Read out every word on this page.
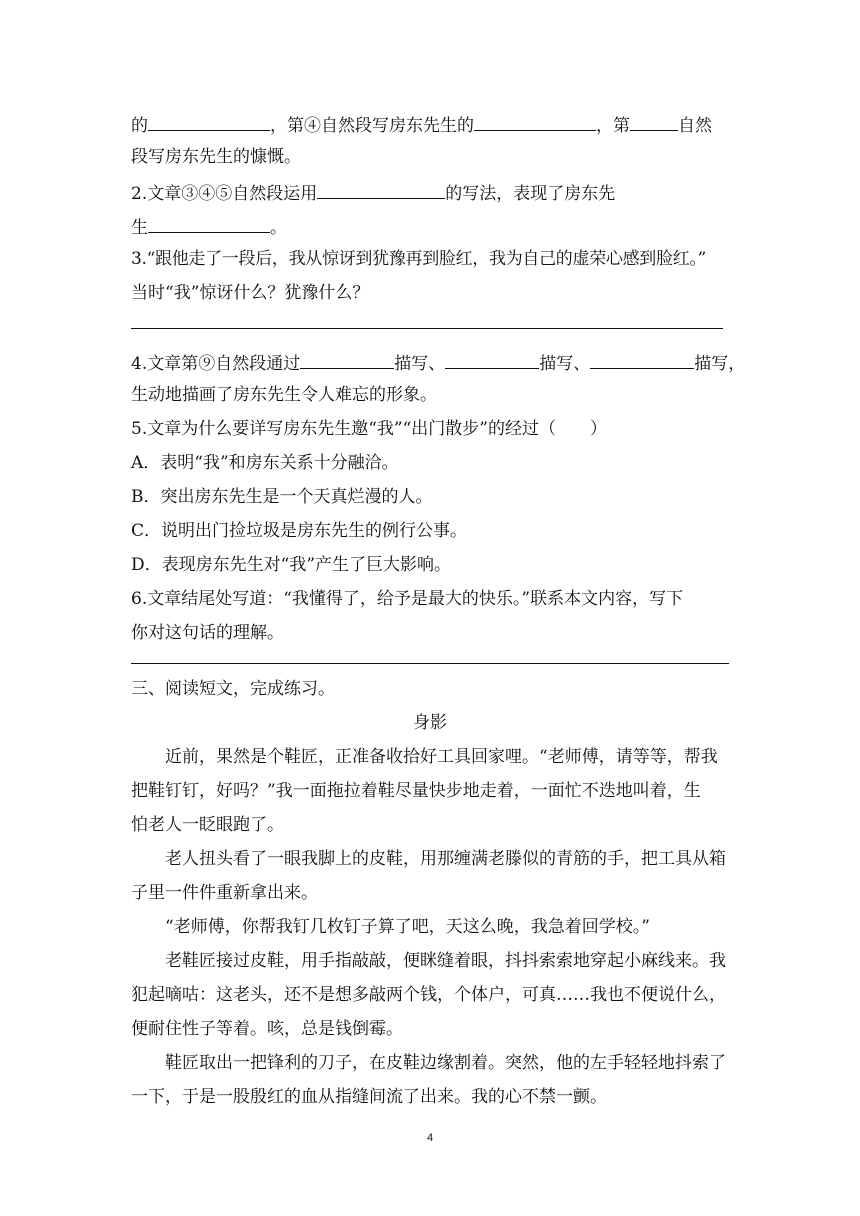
的	，第④自然段写房东先生的	，第	自然
段写房东先生的慷慨。
2.文章③④⑤自然段运用	的写法，表现了房东先
生	。
3.“跟他走了一段后，我从惊讶到犹豫再到脸红，我为自己的虚荣心感到脸红。”
当时“我”惊讶什么？犹豫什么？
4.文章第⑨自然段通过	描写、	描写、	描写，
生动地描画了房东先生令人难忘的形象。
5.文章为什么要详写房东先生邀“我”“出门散步”的经过（　　）
A．表明“我”和房东关系十分融洽。
B．突出房东先生是一个天真烂漫的人。
C．说明出门捡垃圾是房东先生的例行公事。
D．表现房东先生对“我”产生了巨大影响。
6.文章结尾处写道：“我懂得了，给予是最大的快乐。”联系本文内容，写下
你对这句话的理解。
三、阅读短文，完成练习。
身影
　　近前，果然是个鞋匠，正准备收拾好工具回家哩。“老师傅，请等等，帮我
把鞋钉钉，好吗？”我一面拖拉着鞋尽量快步地走着，一面忙不迭地叫着，生
怕老人一眨眼跑了。
　　老人扭头看了一眼我脚上的皮鞋，用那缠满老滕似的青筋的手，把工具从箱
子里一件件重新拿出来。
　　“老师傅，你帮我钉几枚钉子算了吧，天这么晚，我急着回学校。”
　　老鞋匠接过皮鞋，用手指敲敲，便眯缝着眼，抖抖索索地穿起小麻线来。我
犯起嘀咕：这老头，还不是想多敲两个钱，个体户，可真……我也不便说什么，
便耐住性子等着。咳，总是钱倒霉。
　　鞋匠取出一把锋利的刀子，在皮鞋边缘割着。突然，他的左手轻轻地抖索了
一下，于是一股殷红的血从指缝间流了出来。我的心不禁一颤。
4
